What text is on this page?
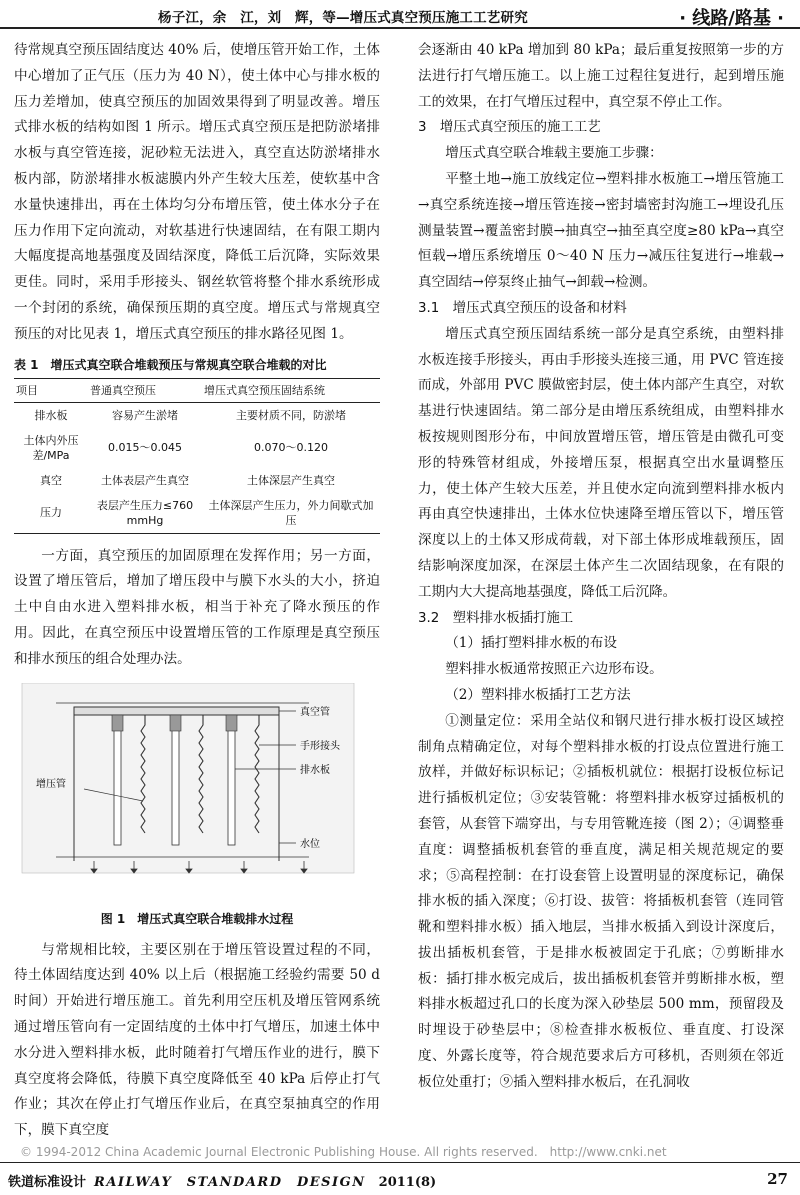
杨子江，余　江，刘　辉，等—增压式真空预压施工工艺研究	· 线路/路基 ·

待常规真空预压固结度达 40% 后，使增压管开始工作，土体中心增加了正气压（压力为 40 N），使土体中心与排水板的压力差增加，使真空预压的加固效果得到了明显改善。增压式排水板的结构如图 1 所示。增压式真空预压是把防淤堵排水板与真空管连接，泥砂粒无法进入，真空直达防淤堵排水板内部，防淤堵排水板滤膜内外产生较大压差，使软基中含水量快速排出，再在土体均匀分布增压管，使土体水分子在压力作用下定向流动，对软基进行快速固结，在有限工期内大幅度提高地基强度及固结深度，降低工后沉降，实际效果更佳。同时，采用手形接头、钢丝软管将整个排水系统形成一个封闭的系统，确保预压期的真空度。增压式与常规真空预压的对比见表 1，增压式真空预压的排水路径见图 1。

表 1　增压式真空联合堆载预压与常规真空联合堆载的对比
项目	普通真空预压	增压式真空预压固结系统
排水板	容易产生淤堵	主要材质不同，防淤堵
土体内外压差/MPa	0.015～0.045	0.070～0.120
真空	土体表层产生真空	土体深层产生真空
压力	表层产生压力≤760 mmHg	土体深层产生压力，外力间歇式加压

一方面，真空预压的加固原理在发挥作用；另一方面，设置了增压管后，增加了增压段中与膜下水头的大小，挤迫土中自由水进入塑料排水板，相当于补充了降水预压的作用。因此，在真空预压中设置增压管的工作原理是真空预压和排水预压的组合处理办法。

真空管
手形接头
排水板
增压管
水位
图 1　增压式真空联合堆载排水过程

与常规相比较，主要区别在于增压管设置过程的不同，待土体固结度达到 40% 以上后（根据施工经验约需要 50 d 时间）开始进行增压施工。首先利用空压机及增压管网系统通过增压管向有一定固结度的土体中打气增压，加速土体中水分进入塑料排水板，此时随着打气增压作业的进行，膜下真空度将会降低，待膜下真空度降低至 40 kPa 后停止打气作业；其次在停止打气增压作业后，在真空泵抽真空的作用下，膜下真空度

会逐渐由 40 kPa 增加到 80 kPa；最后重复按照第一步的方法进行打气增压施工。以上施工过程往复进行，起到增压施工的效果，在打气增压过程中，真空泵不停止工作。

3　增压式真空预压的施工工艺

增压式真空联合堆载主要施工步骤：

平整土地→施工放线定位→塑料排水板施工→增压管施工→真空系统连接→增压管连接→密封墙密封沟施工→埋设孔压测量装置→覆盖密封膜→抽真空→抽至真空度≥80 kPa→真空恒载→增压系统增压 0～40 N 压力→减压往复进行→堆载→真空固结→停泵终止抽气→卸载→检测。

3.1　增压式真空预压的设备和材料

增压式真空预压固结系统一部分是真空系统，由塑料排水板连接手形接头，再由手形接头连接三通，用 PVC 管连接而成，外部用 PVC 膜做密封层，使土体内部产生真空，对软基进行快速固结。第二部分是由增压系统组成，由塑料排水板按规则图形分布，中间放置增压管，增压管是由微孔可变形的特殊管材组成，外接增压泵，根据真空出水量调整压力，使土体产生较大压差，并且使水定向流到塑料排水板内再由真空快速排出，土体水位快速降至增压管以下，增压管深度以上的土体又形成荷载，对下部土体形成堆载预压，固结影响深度加深，在深层土体产生二次固结现象，在有限的工期内大大提高地基强度，降低工后沉降。

3.2　塑料排水板插打施工

（1）插打塑料排水板的布设

塑料排水板通常按照正六边形布设。

（2）塑料排水板插打工艺方法

①测量定位：采用全站仪和钢尺进行排水板打设区域控制角点精确定位，对每个塑料排水板的打设点位置进行施工放样，并做好标识标记；②插板机就位：根据打设板位标记进行插板机定位；③安装管靴：将塑料排水板穿过插板机的套管，从套管下端穿出，与专用管靴连接（图 2）；④调整垂直度：调整插板机套管的垂直度，满足相关规范规定的要求；⑤高程控制：在打设套管上设置明显的深度标记，确保排水板的插入深度；⑥打设、拔管：将插板机套管（连同管靴和塑料排水板）插入地层，当排水板插入到设计深度后，拔出插板机套管，于是排水板被固定于孔底；⑦剪断排水板：插打排水板完成后，拔出插板机套管并剪断排水板，塑料排水板超过孔口的长度为深入砂垫层 500 mm，预留段及时埋设于砂垫层中；⑧检查排水板板位、垂直度、打设深度、外露长度等，符合规范要求后方可移机，否则须在邻近板位处重打；⑨插入塑料排水板后，在孔洞收

© 1994-2012 China Academic Journal Electronic Publishing House. All rights reserved.　http://www.cnki.net
铁道标准设计 RAILWAY　STANDARD　DESIGN　 2011(8)	27
